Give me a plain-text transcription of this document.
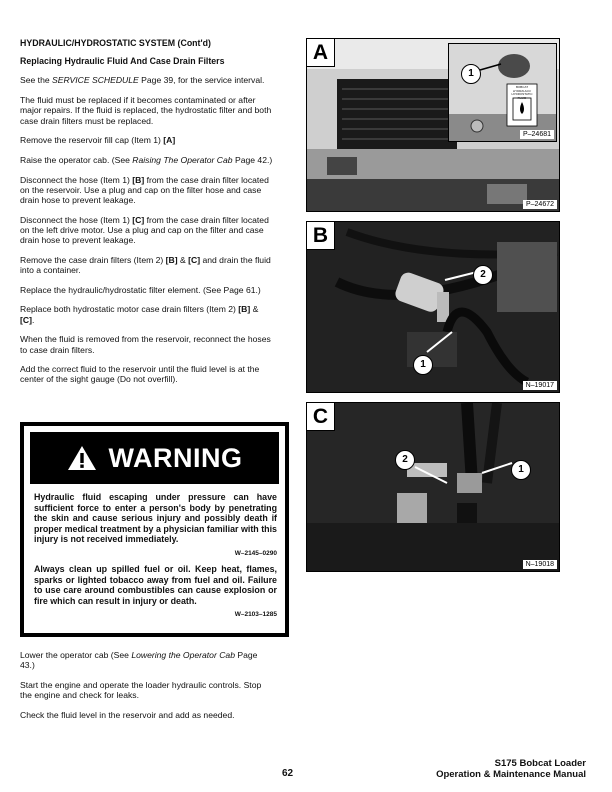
HYDRAULIC/HYDROSTATIC SYSTEM (Cont'd)
Replacing Hydraulic Fluid And Case Drain Filters

See the SERVICE SCHEDULE Page 39, for the service interval.

The fluid must be replaced if it becomes contaminated or after major repairs. If the fluid is replaced, the hydrostatic filter and both case drain filters must be replaced.

Remove the reservoir fill cap (Item 1) [A]

Raise the operator cab. (See Raising The Operator Cab Page 42.)

Disconnect the hose (Item 1) [B] from the case drain filter located on the reservoir. Use a plug and cap on the filter hose and case drain hose to prevent leakage.

Disconnect the hose (Item 1) [C] from the case drain filter located on the left drive motor. Use a plug and cap on the filter and case drain hose to prevent leakage.

Remove the case drain filters (Item 2) [B] & [C] and drain the fluid into a container.

Replace the hydraulic/hydrostatic filter element. (See Page 61.)

Replace both hydrostatic motor case drain filters (Item 2) [B] & [C].

When the fluid is removed from the reservoir, reconnect the hoses to case drain filters.

Add the correct fluid to the reservoir until the fluid level is at the center of the sight gauge (Do not overfill).

WARNING
Hydraulic fluid escaping under pressure can have sufficient force to enter a person's body by penetrating the skin and cause serious injury and possibly death if proper medical treatment by a physician familiar with this injury is not received immediately.
W–2145–0290
Always clean up spilled fuel or oil. Keep heat, flames, sparks or lighted tobacco away from fuel and oil. Failure to use care around combustibles can cause explosion or fire which can result in injury or death.
W–2103–1285

Lower the operator cab (See Lowering the Operator Cab Page 43.)

Start the engine and operate the loader hydraulic controls. Stop the engine and check for leaks.

Check the fluid level in the reservoir and add as needed.

BOBCAT HYDRAULIC/ HYDROSTATIC FLUID
1
P–24681
A
P–24672
B
2
1
N–19017
C
2
1
N–19018
62
S175 Bobcat Loader
Operation & Maintenance Manual
